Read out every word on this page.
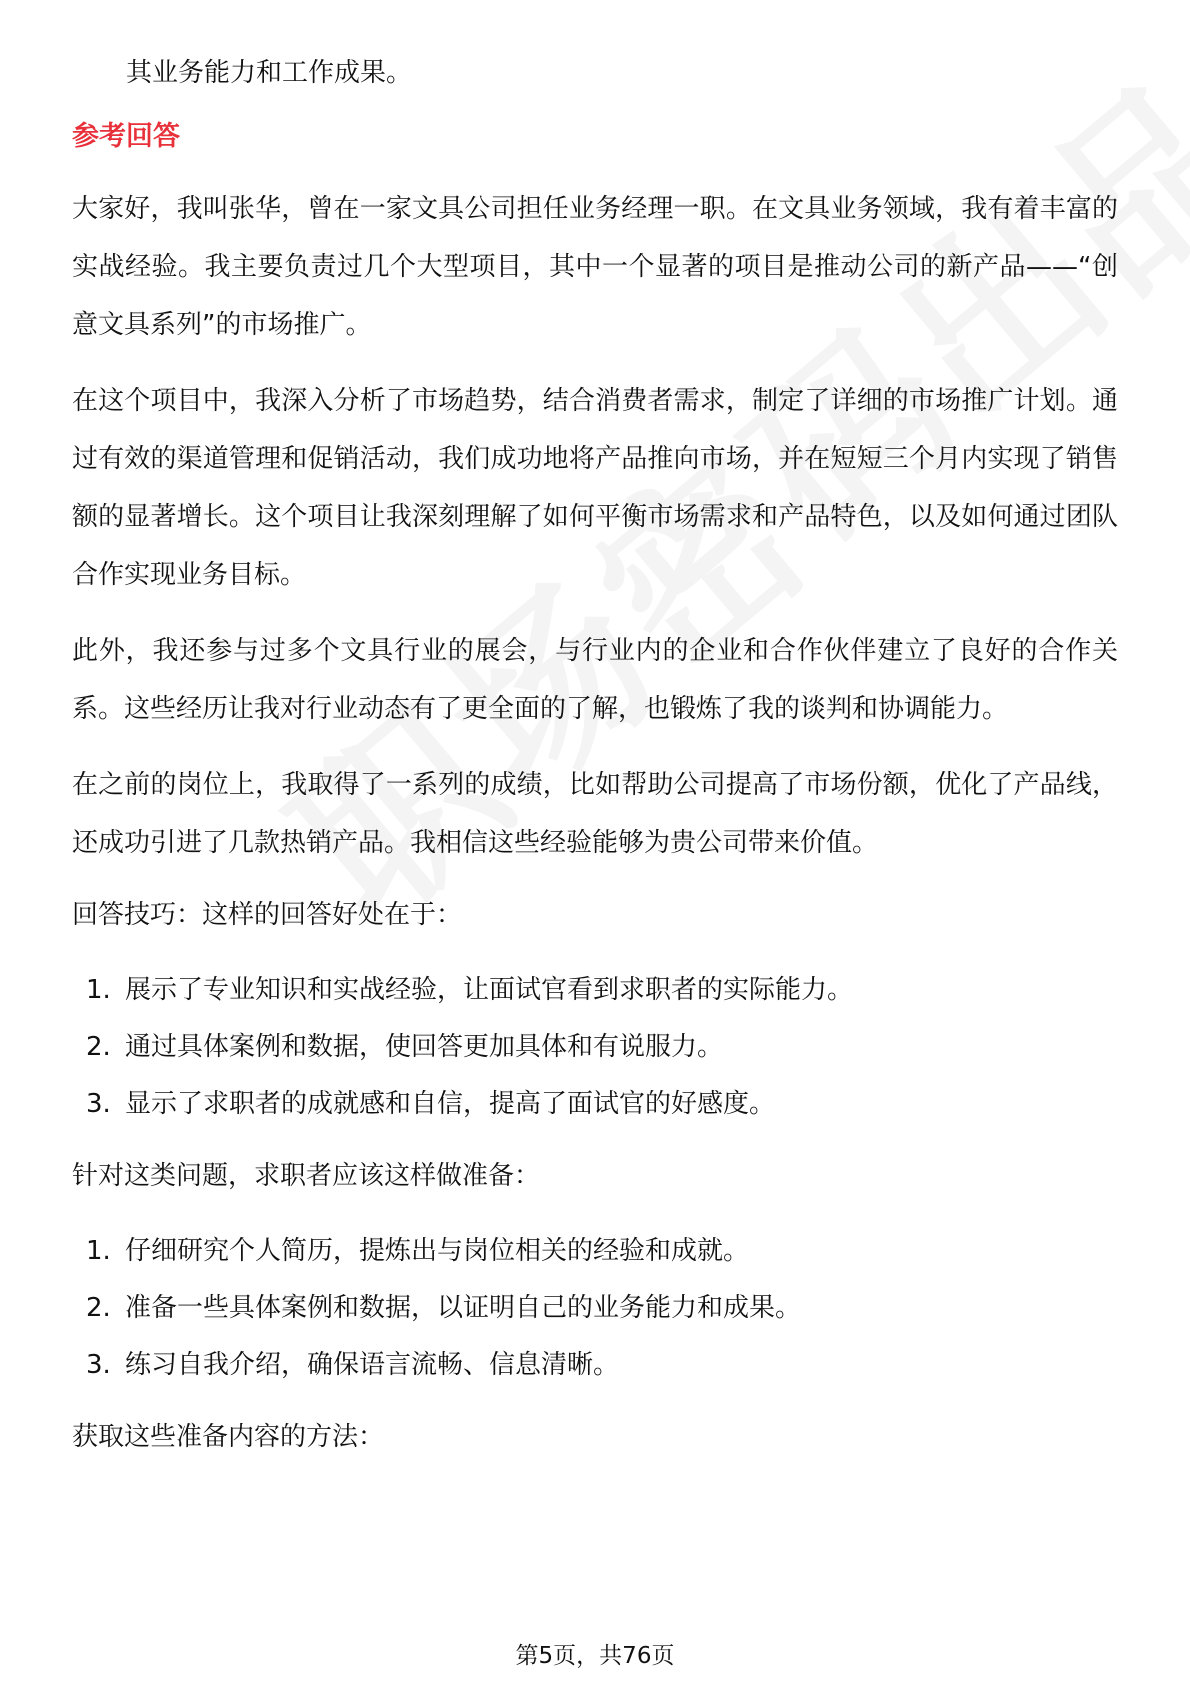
其业务能力和工作成果。
参考回答

大家好，我叫张华，曾在一家文具公司担任业务经理一职。在文具业务领域，我有着丰富的实战经验。我主要负责过几个大型项目，其中一个显著的项目是推动公司的新产品——“创意文具系列”的市场推广。

在这个项目中，我深入分析了市场趋势，结合消费者需求，制定了详细的市场推广计划。通过有效的渠道管理和促销活动，我们成功地将产品推向市场，并在短短三个月内实现了销售额的显著增长。这个项目让我深刻理解了如何平衡市场需求和产品特色，以及如何通过团队合作实现业务目标。

此外，我还参与过多个文具行业的展会，与行业内的企业和合作伙伴建立了良好的合作关系。这些经历让我对行业动态有了更全面的了解，也锻炼了我的谈判和协调能力。

在之前的岗位上，我取得了一系列的成绩，比如帮助公司提高了市场份额，优化了产品线，还成功引进了几款热销产品。我相信这些经验能够为贵公司带来价值。

回答技巧：这样的回答好处在于：
1. 展示了专业知识和实战经验，让面试官看到求职者的实际能力。
2. 通过具体案例和数据，使回答更加具体和有说服力。
3. 显示了求职者的成就感和自信，提高了面试官的好感度。
针对这类问题，求职者应该这样做准备：
1. 仔细研究个人简历，提炼出与岗位相关的经验和成就。
2. 准备一些具体案例和数据，以证明自己的业务能力和成果。
3. 练习自我介绍，确保语言流畅、信息清晰。
获取这些准备内容的方法：
第5页，共76页
